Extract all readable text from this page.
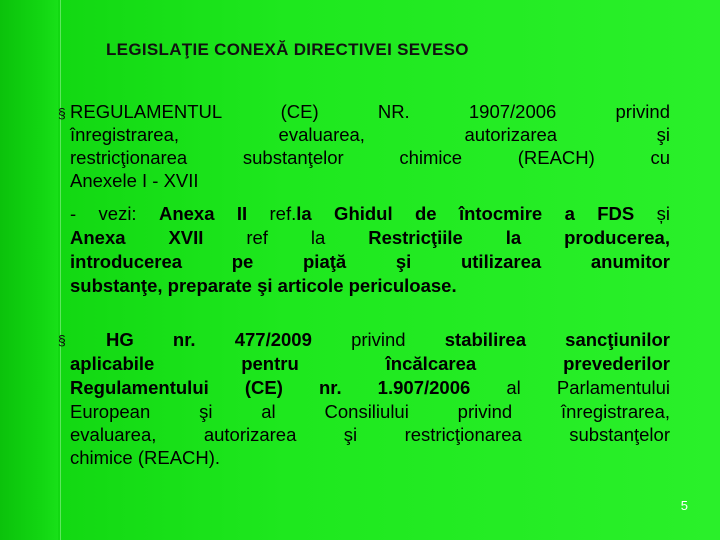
LEGISLAŢIE CONEXĂ DIRECTIVEI SEVESO
§ REGULAMENTUL (CE) NR. 1907/2006 privind
înregistrarea, evaluarea, autorizarea şi
restricţionarea substanţelor chimice (REACH) cu
Anexele I - XVII
- vezi: Anexa II ref.la Ghidul de întocmire a FDS și
Anexa XVII ref la Restricţiile la producerea,
introducerea pe piaţă şi utilizarea anumitor
substanţe, preparate şi articole periculoase.
§	HG nr. 477/2009 privind stabilirea sancţiunilor
aplicabile pentru încălcarea prevederilor
Regulamentului (CE) nr. 1.907/2006 al Parlamentului
European şi al Consiliului privind înregistrarea,
evaluarea, autorizarea şi restricţionarea substanţelor
chimice (REACH).
5
